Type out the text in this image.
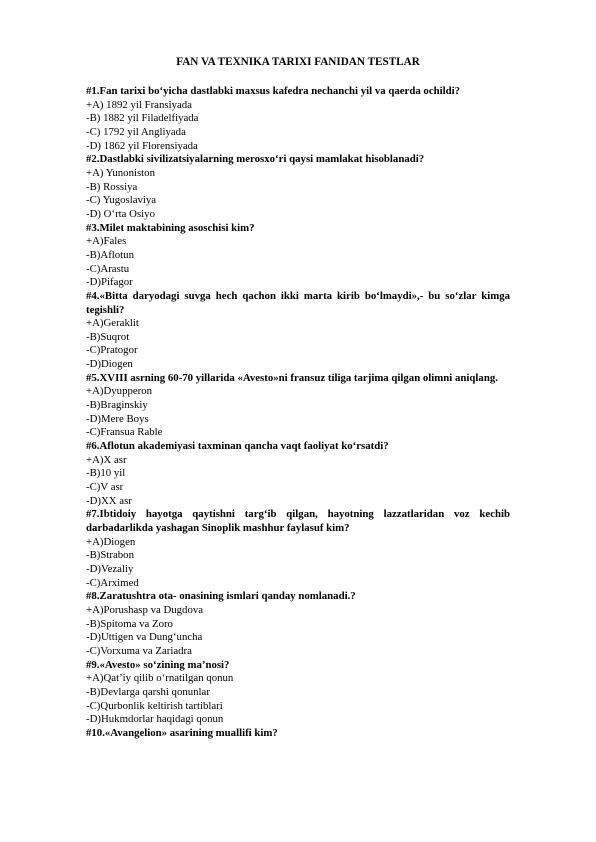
FAN VA TEXNIKA TARIXI FANIDAN TESTLAR

#1.Fan tarixi bo‘yicha dastlabki maxsus kafedra nechanchi yil va qaerda ochildi?

+A) 1892 yil Fransiyada

-B) 1882 yil Filadelfiyada

-C) 1792 yil Angliyada

-D) 1862 yil Florensiyada

#2.Dastlabki sivilizatsiyalarning merosxo‘ri qaysi mamlakat hisoblanadi?

+A) Yunoniston

-B) Rossiya

-C) Yugoslaviya

-D) O‘rta Osiyo

#3.Milet maktabining asoschisi kim?

+A)Fales

-B)Aflotun

-C)Arastu

-D)Pifagor

#4.«Bitta daryodagi suvga hech qachon ikki marta kirib bo‘lmaydi»,- bu so‘zlar kimga tegishli?

+A)Geraklit

-B)Suqrot

-C)Pratogor

-D)Diogen

#5.XVIII asrning 60-70 yillarida «Avesto»ni fransuz tiliga tarjima qilgan olimni aniqlang.

+A)Dyupperon

-B)Braginskiy

-D)Mere Boys

-C)Fransua Rable

#6.Aflotun akademiyasi taxminan qancha vaqt faoliyat ko‘rsatdi?

+A)X asr

-B)10 yil

-C)V asr

-D)XX asr

#7.Ibtidoiy hayotga qaytishni targ‘ib qilgan, hayotning lazzatlaridan voz kechib darbadarlikda yashagan Sinoplik mashhur faylasuf kim?

+A)Diogen

-B)Strabon

-D)Vezaliy

-C)Arximed

#8.Zaratushtra ota- onasining ismlari qanday nomlanadi.?

+A)Porushasp va Dugdova

-B)Spitoma va Zoro

-D)Uttigen va Dung‘uncha

-C)Vorxuma va Zariadra

#9.«Avesto» so‘zining ma’nosi?

+A)Qat’iy qilib o‘rnatilgan qonun

-B)Devlarga qarshi qonunlar

-C)Qurbonlik keltirish tartiblari

-D)Hukmdorlar haqidagi qonun

#10.«Avangelion» asarining muallifi kim?
